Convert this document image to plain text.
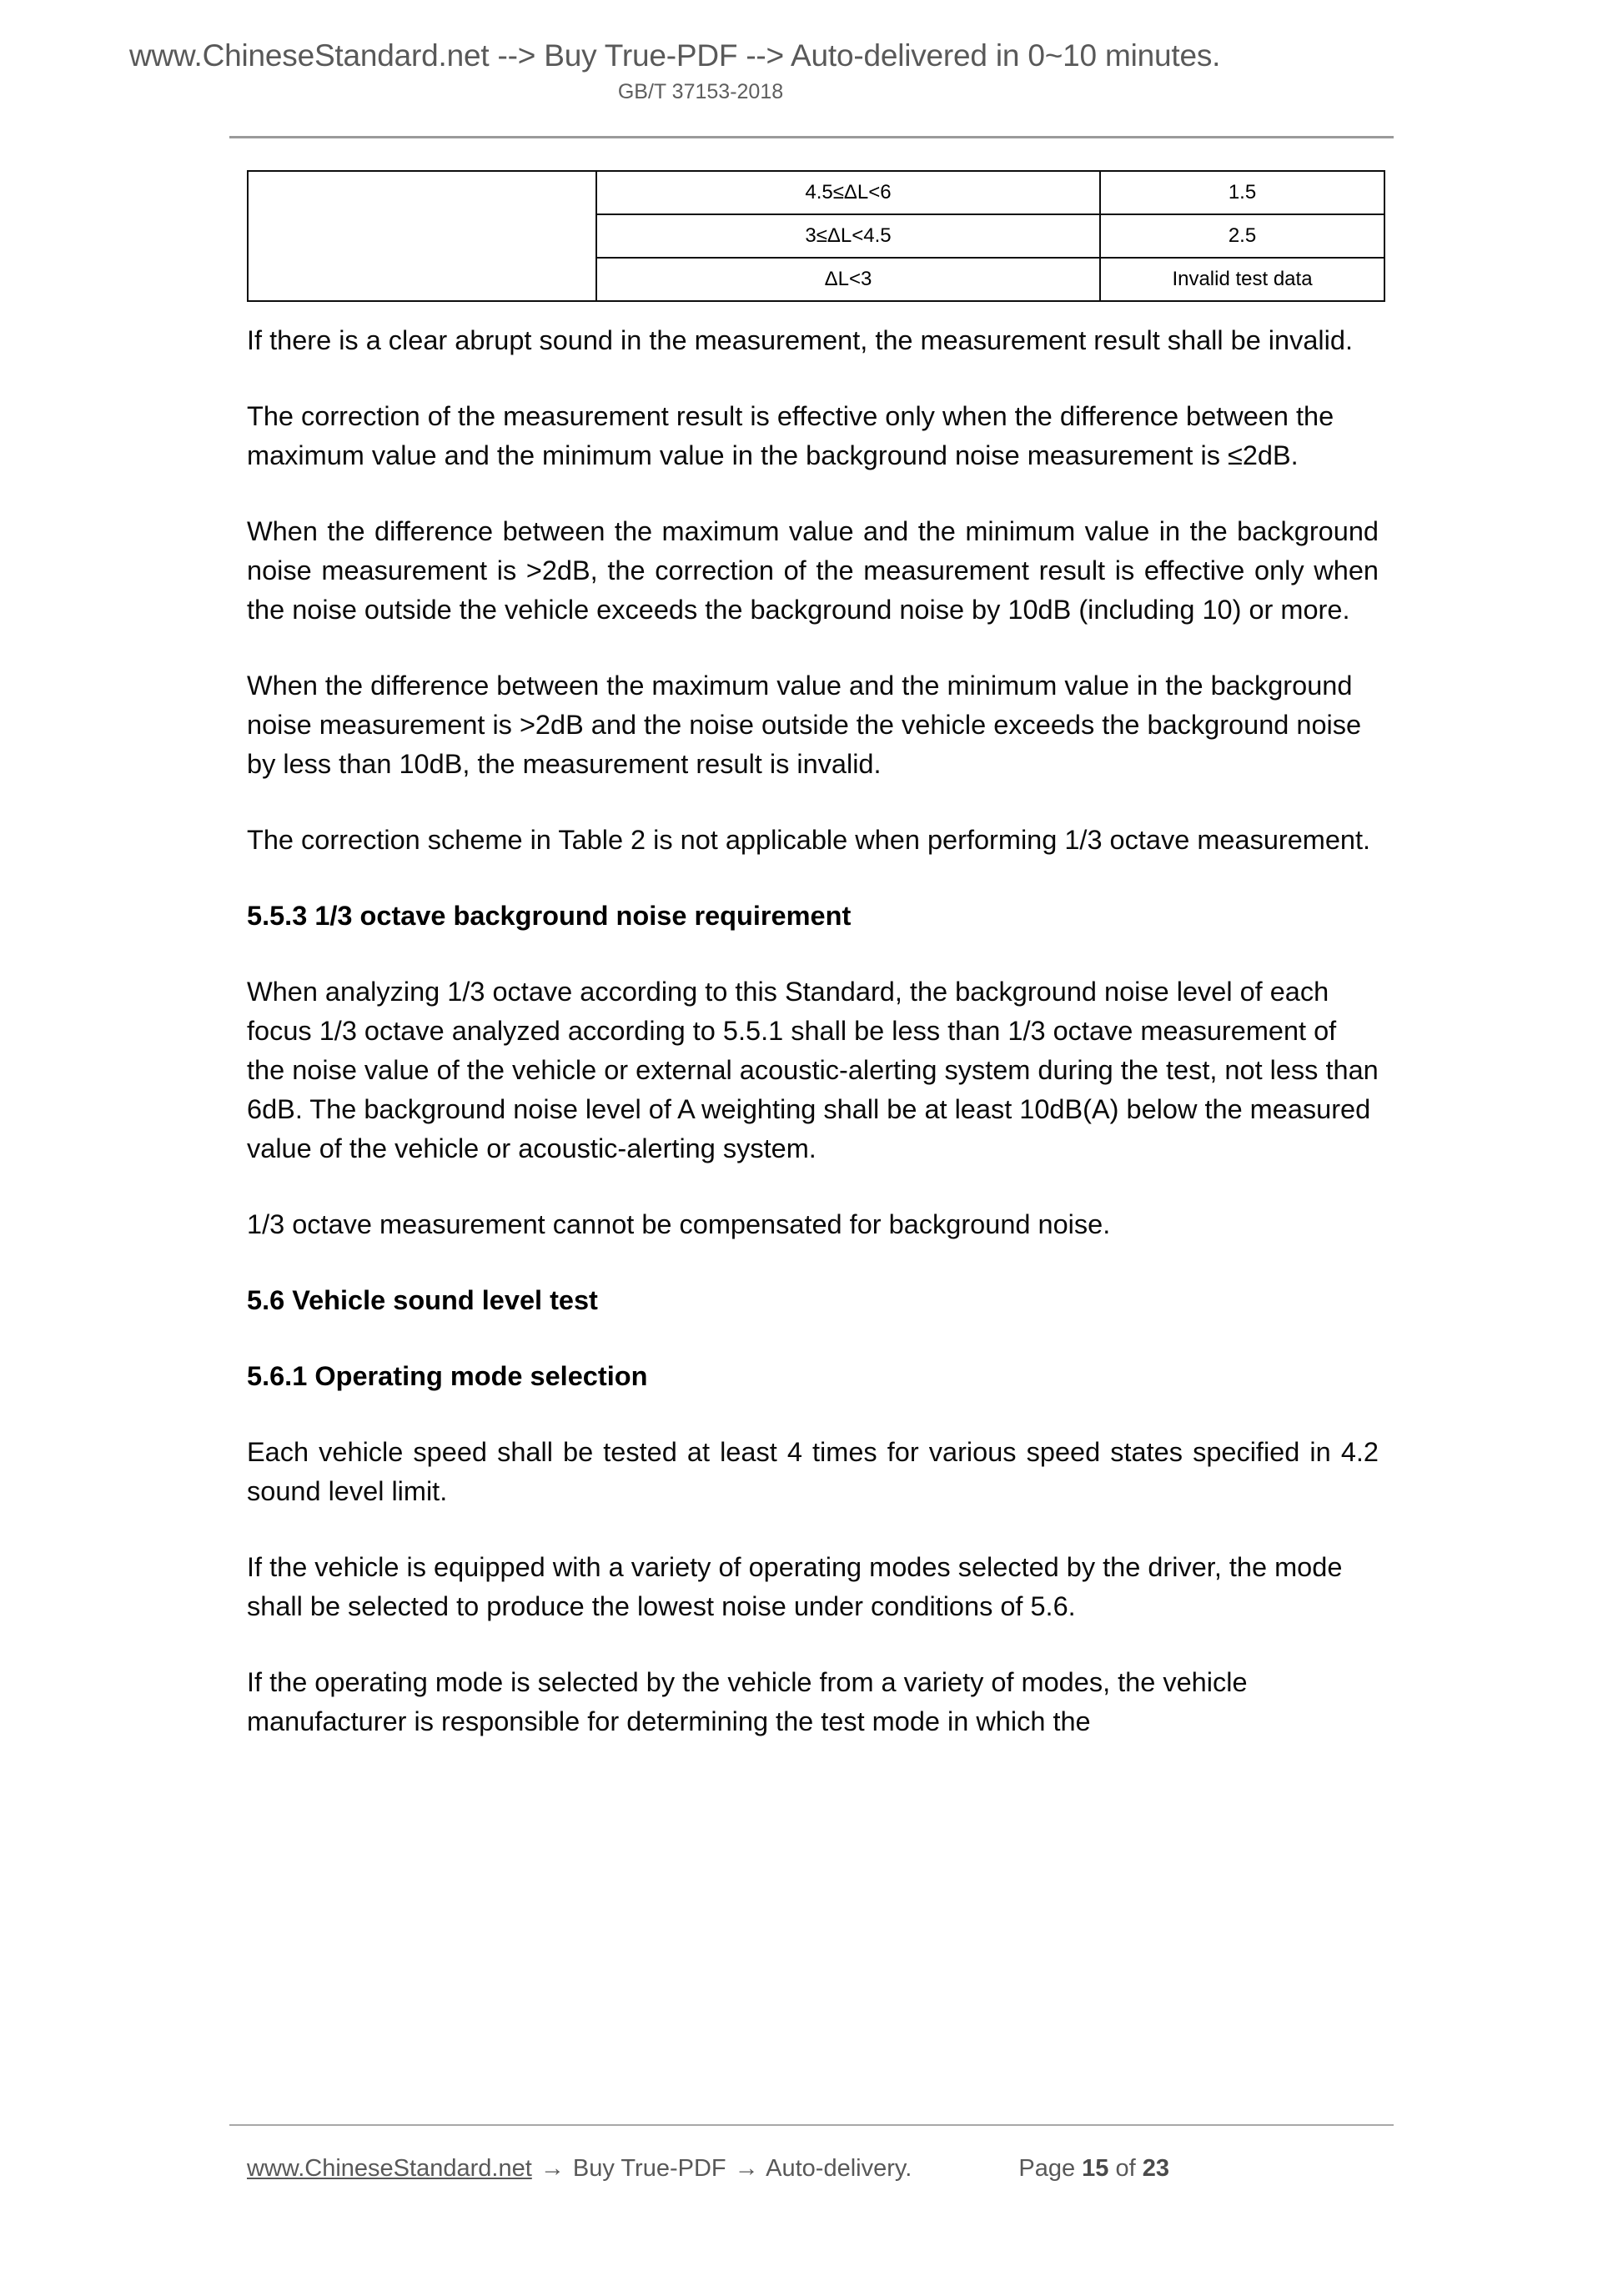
www.ChineseStandard.net --> Buy True-PDF --> Auto-delivered in 0~10 minutes.
GB/T 37153-2018
	4.5≤ΔL<6	1.5
	3≤ΔL<4.5	2.5
	ΔL<3	Invalid test data

If there is a clear abrupt sound in the measurement, the measurement result shall be invalid.

The correction of the measurement result is effective only when the difference between the maximum value and the minimum value in the background noise measurement is ≤2dB.

When the difference between the maximum value and the minimum value in the background noise measurement is >2dB, the correction of the measurement result is effective only when the noise outside the vehicle exceeds the background noise by 10dB (including 10) or more.

When the difference between the maximum value and the minimum value in the background noise measurement is >2dB and the noise outside the vehicle exceeds the background noise by less than 10dB, the measurement result is invalid.

The correction scheme in Table 2 is not applicable when performing 1/3 octave measurement.

5.5.3 1/3 octave background noise requirement

When analyzing 1/3 octave according to this Standard, the background noise level of each focus 1/3 octave analyzed according to 5.5.1 shall be less than 1/3 octave measurement of the noise value of the vehicle or external acoustic-alerting system during the test, not less than 6dB. The background noise level of A weighting shall be at least 10dB(A) below the measured value of the vehicle or acoustic-alerting system.

1/3 octave measurement cannot be compensated for background noise.

5.6 Vehicle sound level test
5.6.1 Operating mode selection

Each vehicle speed shall be tested at least 4 times for various speed states specified in 4.2 sound level limit.

If the vehicle is equipped with a variety of operating modes selected by the driver, the mode shall be selected to produce the lowest noise under conditions of 5.6.

If the operating mode is selected by the vehicle from a variety of modes, the vehicle manufacturer is responsible for determining the test mode in which the

www.ChineseStandard.net → Buy True-PDF → Auto-delivery.	Page 15 of 23
